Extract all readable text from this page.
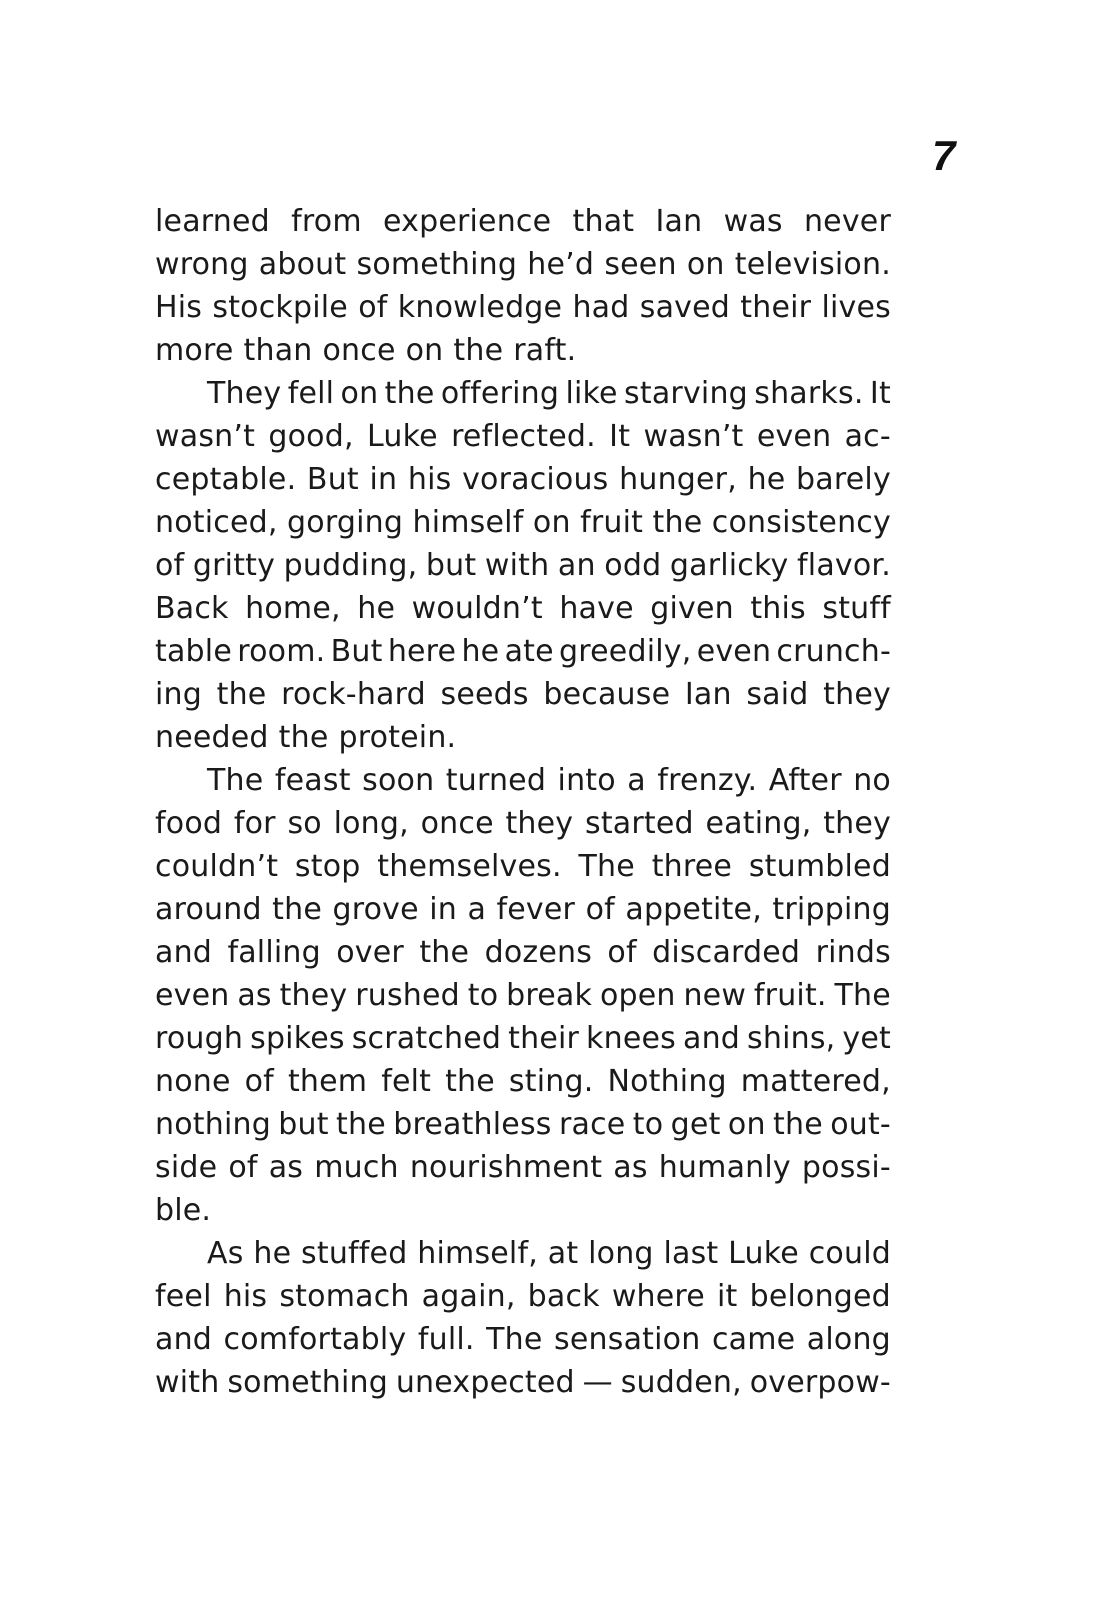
7
learned from experience that Ian was never
wrong about something he’d seen on television.
His stockpile of knowledge had saved their lives
more than once on the raft.
They fell on the offering like starving sharks. It
wasn’t good, Luke reflected. It wasn’t even ac-
ceptable. But in his voracious hunger, he barely
noticed, gorging himself on fruit the consistency
of gritty pudding, but with an odd garlicky flavor.
Back home, he wouldn’t have given this stuff
table room. But here he ate greedily, even crunch-
ing the rock-hard seeds because Ian said they
needed the protein.
The feast soon turned into a frenzy. After no
food for so long, once they started eating, they
couldn’t stop themselves. The three stumbled
around the grove in a fever of appetite, tripping
and falling over the dozens of discarded rinds
even as they rushed to break open new fruit. The
rough spikes scratched their knees and shins, yet
none of them felt the sting. Nothing mattered,
nothing but the breathless race to get on the out-
side of as much nourishment as humanly possi-
ble.
As he stuffed himself, at long last Luke could
feel his stomach again, back where it belonged
and comfortably full. The sensation came along
with something unexpected — sudden, overpow-
